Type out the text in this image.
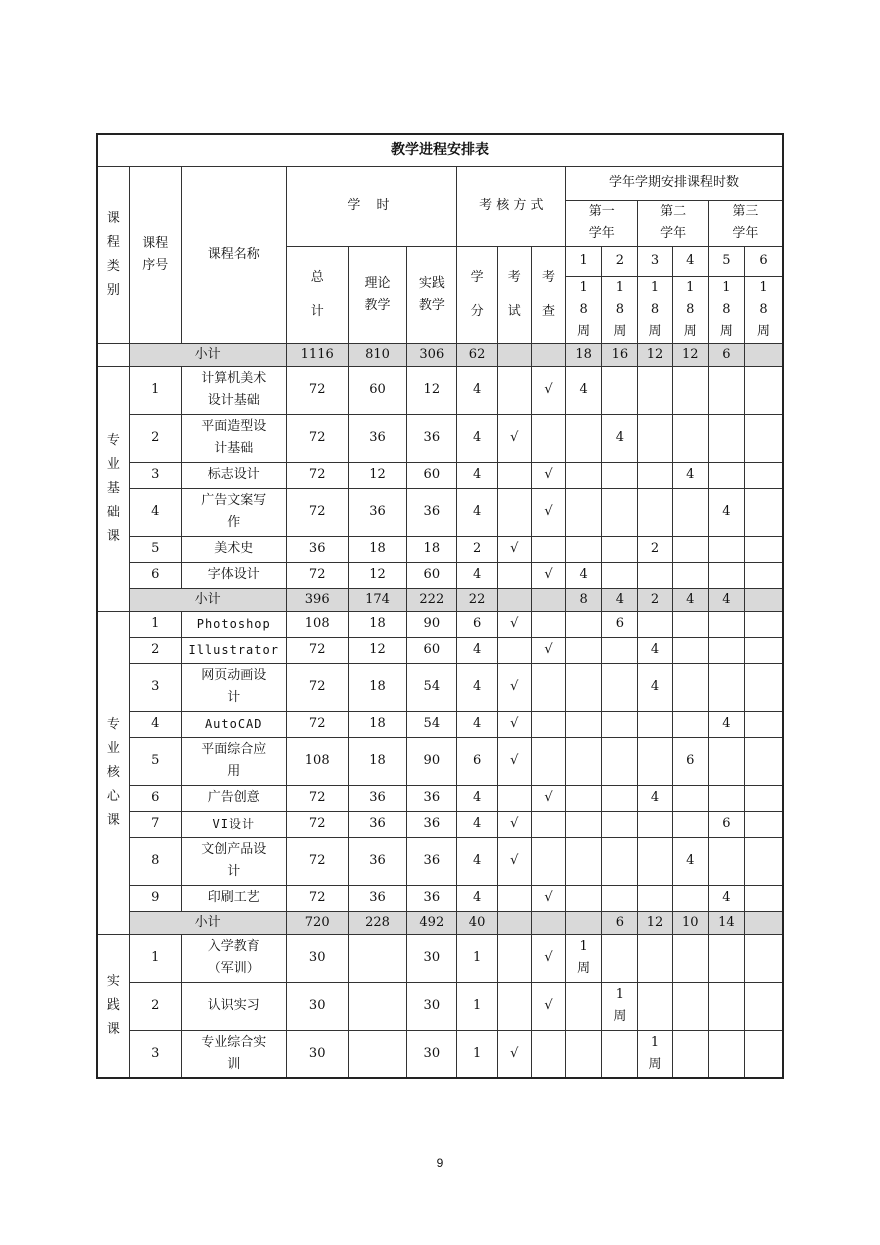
教学进程安排表														
课程类别	课程序号	课程名称	学 时			考 核 方 式			学年学期安排课程时数					
									第一学年		第二学年		第三学年	
			总计	理论教学	实践教学	学分	考试	考查	1	2	3	4	5	6
									18周	18周	18周	18周	18周	18周
	小计		1116	810	306	62			18	16	12	12	6	
专业基础课	1	计算机美术设计基础	72	60	12	4		√	4					
	2	平面造型设计基础	72	36	36	4	√			4				
	3	标志设计	72	12	60	4		√				4		
	4	广告文案写作	72	36	36	4		√					4	
	5	美术史	36	18	18	2	√				2			
	6	字体设计	72	12	60	4		√	4					
	小计		396	174	222	22			8	4	2	4	4	
专业核心课	1	Photoshop	108	18	90	6	√			6				
	2	Illustrator	72	12	60	4		√			4			
	3	网页动画设计	72	18	54	4	√				4			
	4	AutoCAD	72	18	54	4	√						4	
	5	平面综合应用	108	18	90	6	√					6		
	6	广告创意	72	36	36	4		√			4			
	7	VI设计	72	36	36	4	√						6	
	8	文创产品设计	72	36	36	4	√					4		
	9	印刷工艺	72	36	36	4		√					4	
	小计		720	228	492	40				6	12	10	14	
实践课	1	入学教育（军训）	30		30	1		√	1周					
	2	认识实习	30		30	1		√		1周				
	3	专业综合实训	30		30	1	√				1周			
9
